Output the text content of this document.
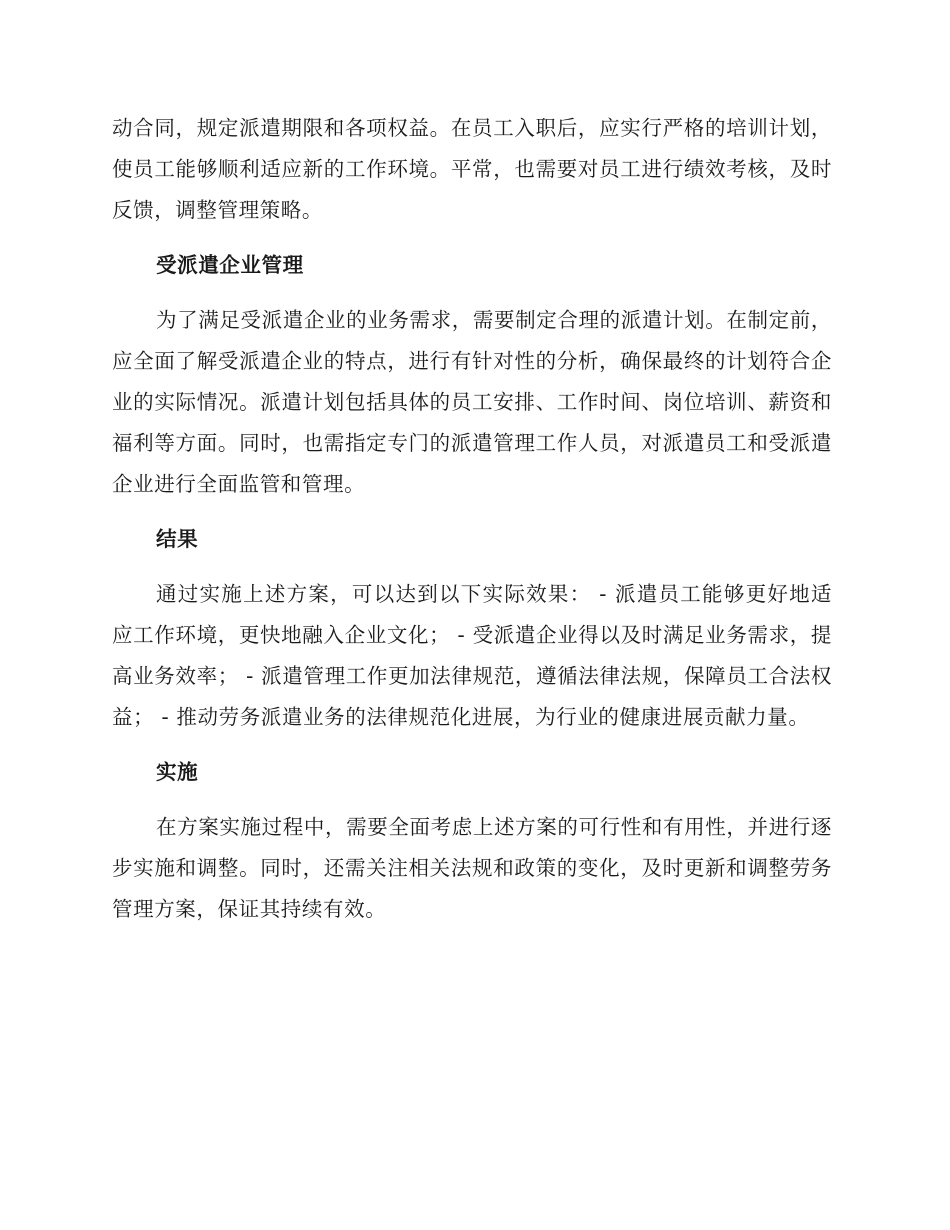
动合同，规定派遣期限和各项权益。在员工入职后，应实行严格的培训计划，使员工能够顺利适应新的工作环境。平常，也需要对员工进行绩效考核，及时反馈，调整管理策略。

受派遣企业管理

为了满足受派遣企业的业务需求，需要制定合理的派遣计划。在制定前，应全面了解受派遣企业的特点，进行有针对性的分析，确保最终的计划符合企业的实际情况。派遣计划包括具体的员工安排、工作时间、岗位培训、薪资和福利等方面。同时，也需指定专门的派遣管理工作人员，对派遣员工和受派遣企业进行全面监管和管理。

结果

通过实施上述方案，可以达到以下实际效果： - 派遣员工能够更好地适应工作环境，更快地融入企业文化； - 受派遣企业得以及时满足业务需求，提高业务效率； - 派遣管理工作更加法律规范，遵循法律法规，保障员工合法权益； - 推动劳务派遣业务的法律规范化进展，为行业的健康进展贡献力量。

实施

在方案实施过程中，需要全面考虑上述方案的可行性和有用性，并进行逐步实施和调整。同时，还需关注相关法规和政策的变化，及时更新和调整劳务管理方案，保证其持续有效。
